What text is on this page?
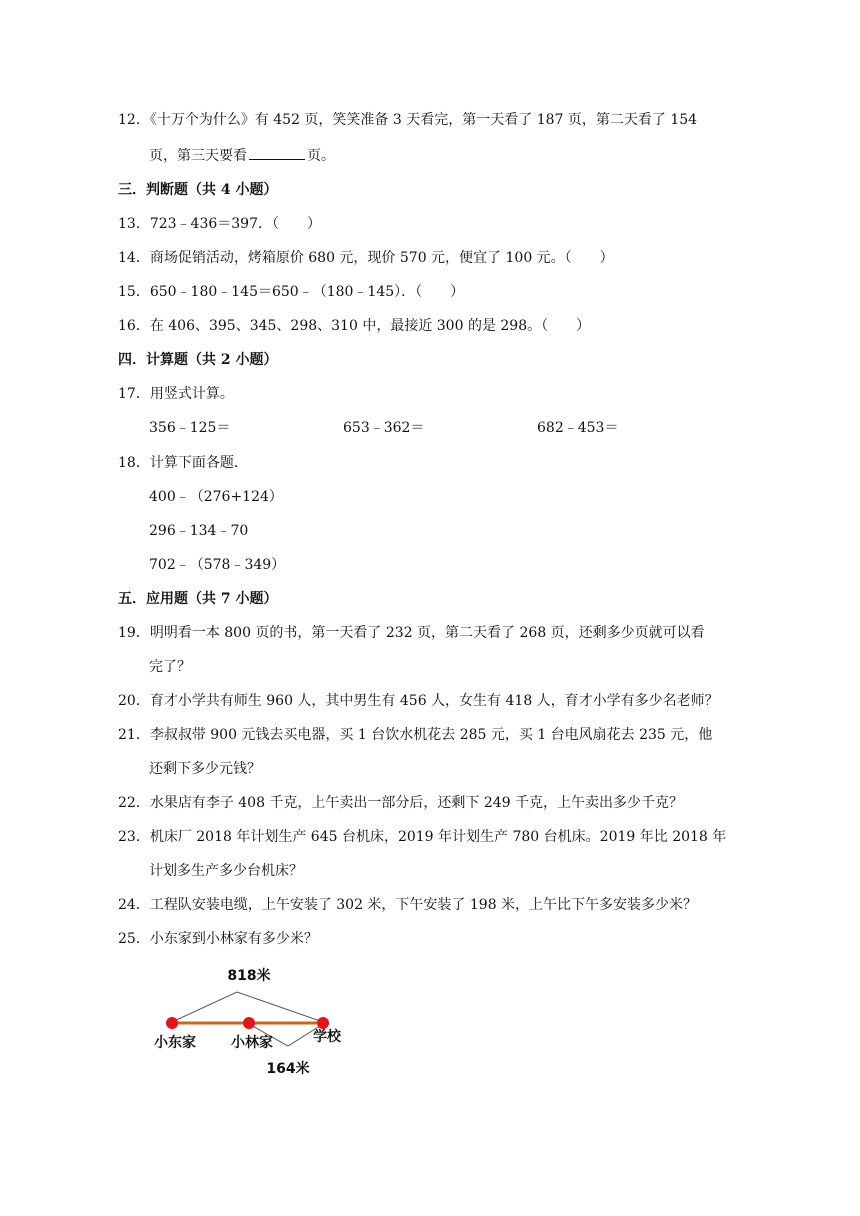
12．《十万个为什么》有 452 页，笑笑准备 3 天看完，第一天看了 187 页，第二天看了 154
页，第三天要看	页。
三．判断题（共 4 小题）
13．723﹣436＝397．（　　）
14．商场促销活动，烤箱原价 680 元，现价 570 元，便宜了 100 元。（　　）
15．650﹣180﹣145＝650﹣（180﹣145）．（　　）
16．在 406、395、345、298、310 中，最接近 300 的是 298。（　　）
四．计算题（共 2 小题）
17．用竖式计算。
356﹣125＝	653﹣362＝	682﹣453＝
18．计算下面各题．
400﹣（276+124）
296﹣134﹣70
702﹣（578﹣349）
五．应用题（共 7 小题）
19．明明看一本 800 页的书，第一天看了 232 页，第二天看了 268 页，还剩多少页就可以看
完了？
20．育才小学共有师生 960 人，其中男生有 456 人，女生有 418 人，育才小学有多少名老师？
21．李叔叔带 900 元钱去买电器，买 1 台饮水机花去 285 元，买 1 台电风扇花去 235 元，他
还剩下多少元钱？
22．水果店有李子 408 千克，上午卖出一部分后，还剩下 249 千克，上午卖出多少千克？
23．机床厂 2018 年计划生产 645 台机床，2019 年计划生产 780 台机床。2019 年比 2018 年
计划多生产多少台机床？
24．工程队安装电缆，上午安装了 302 米，下午安装了 198 米，上午比下午多安装多少米？
25．小东家到小林家有多少米？
818米
小东家	小林家	学校
164米
